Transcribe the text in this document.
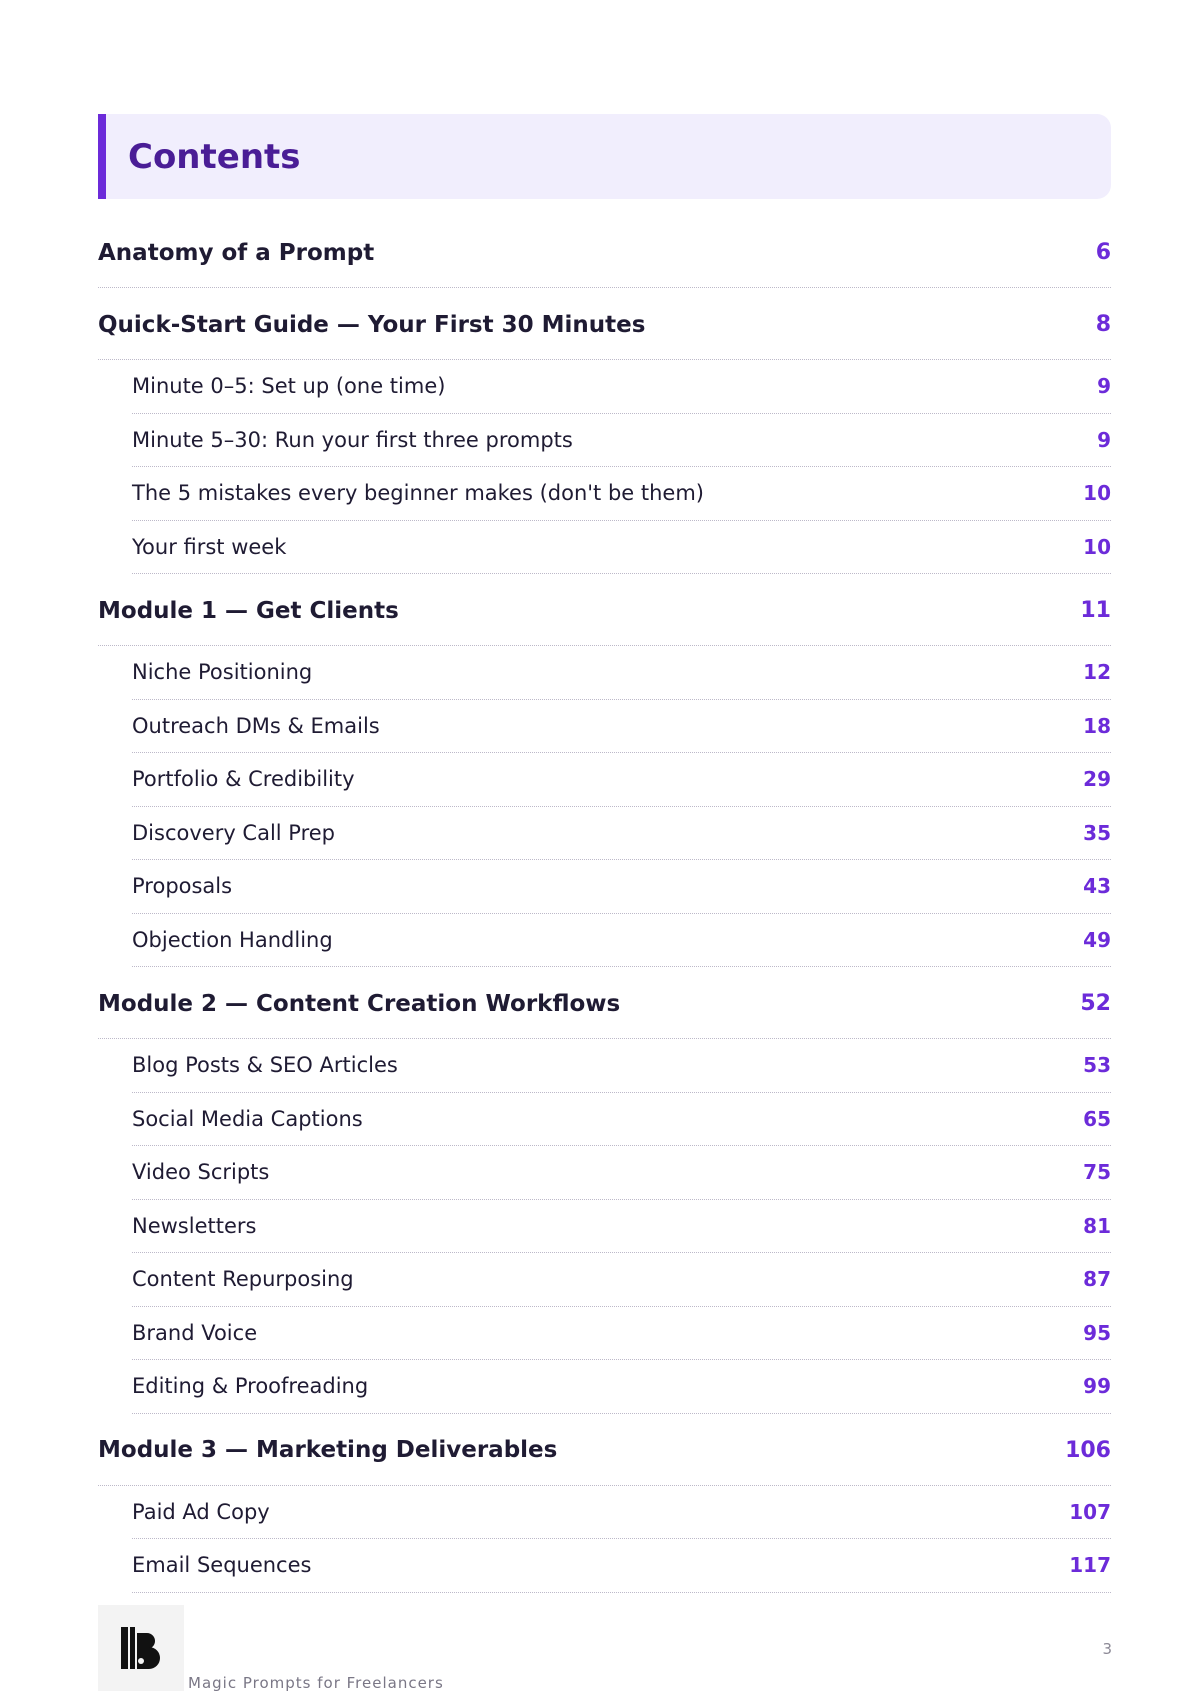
Contents
Anatomy of a Prompt	6
Quick-Start Guide — Your First 30 Minutes	8
Minute 0–5: Set up (one time)	9
Minute 5–30: Run your first three prompts	9
The 5 mistakes every beginner makes (don't be them)	10
Your first week	10
Module 1 — Get Clients	11
Niche Positioning	12
Outreach DMs & Emails	18
Portfolio & Credibility	29
Discovery Call Prep	35
Proposals	43
Objection Handling	49
Module 2 — Content Creation Workflows	52
Blog Posts & SEO Articles	53
Social Media Captions	65
Video Scripts	75
Newsletters	81
Content Repurposing	87
Brand Voice	95
Editing & Proofreading	99
Module 3 — Marketing Deliverables	106
Paid Ad Copy	107
Email Sequences	117
Magic Prompts for Freelancers
3
